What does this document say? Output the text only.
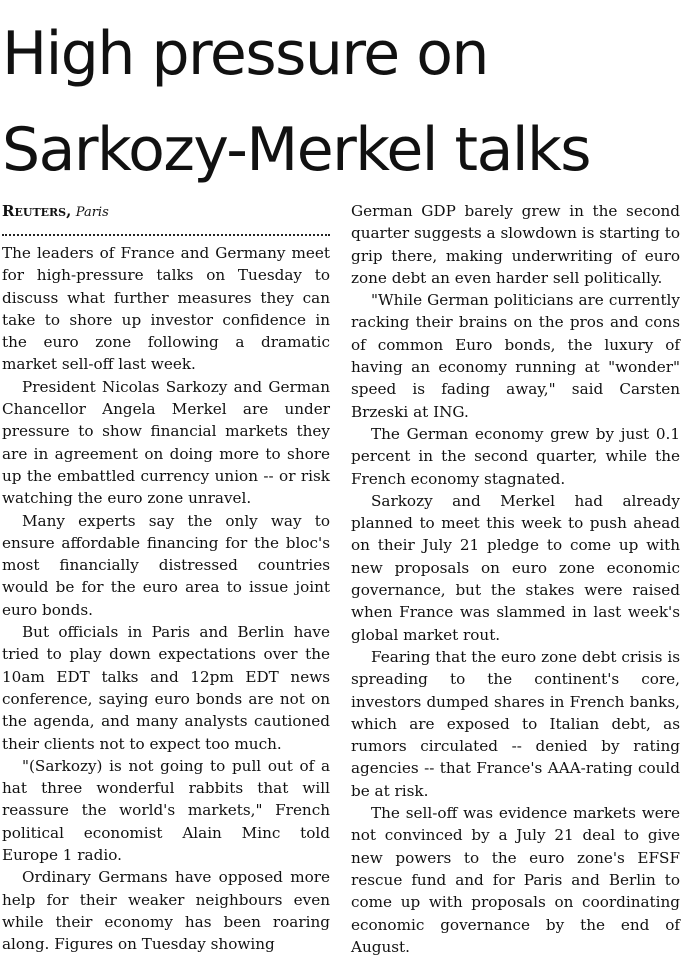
High pressure on
Sarkozy-Merkel talks
Reuters, Paris

The leaders of France and Germany meet for high-pressure talks on Tuesday to discuss what further measures they can take to shore up investor confidence in the euro zone following a dramatic market sell-off last week.

President Nicolas Sarkozy and German Chancellor Angela Merkel are under pressure to show financial markets they are in agreement on doing more to shore up the embattled currency union -- or risk watching the euro zone unravel.

Many experts say the only way to ensure affordable financing for the bloc's most financially distressed countries would be for the euro area to issue joint euro bonds.

But officials in Paris and Berlin have tried to play down expectations over the 10am EDT talks and 12pm EDT news conference, saying euro bonds are not on the agenda, and many analysts cautioned their clients not to expect too much.

"(Sarkozy) is not going to pull out of a hat three wonderful rabbits that will reassure the world's markets," French political economist Alain Minc told Europe 1 radio.

Ordinary Germans have opposed more help for their weaker neighbours even while their economy has been roaring along. Figures on Tuesday showing

German GDP barely grew in the second quarter suggests a slowdown is starting to grip there, making underwriting of euro zone debt an even harder sell politically.

"While German politicians are currently racking their brains on the pros and cons of common Euro bonds, the luxury of having an economy running at "wonder" speed is fading away," said Carsten Brzeski at ING.

The German economy grew by just 0.1 percent in the second quarter, while the French economy stagnated.

Sarkozy and Merkel had already planned to meet this week to push ahead on their July 21 pledge to come up with new proposals on euro zone economic governance, but the stakes were raised when France was slammed in last week's global market rout.

Fearing that the euro zone debt crisis is spreading to the continent's core, investors dumped shares in French banks, which are exposed to Italian debt, as rumors circulated -- denied by rating agencies -- that France's AAA-rating could be at risk.

The sell-off was evidence markets were not convinced by a July 21 deal to give new powers to the euro zone's EFSF rescue fund and for Paris and Berlin to come up with proposals on coordinating economic governance by the end of August.
